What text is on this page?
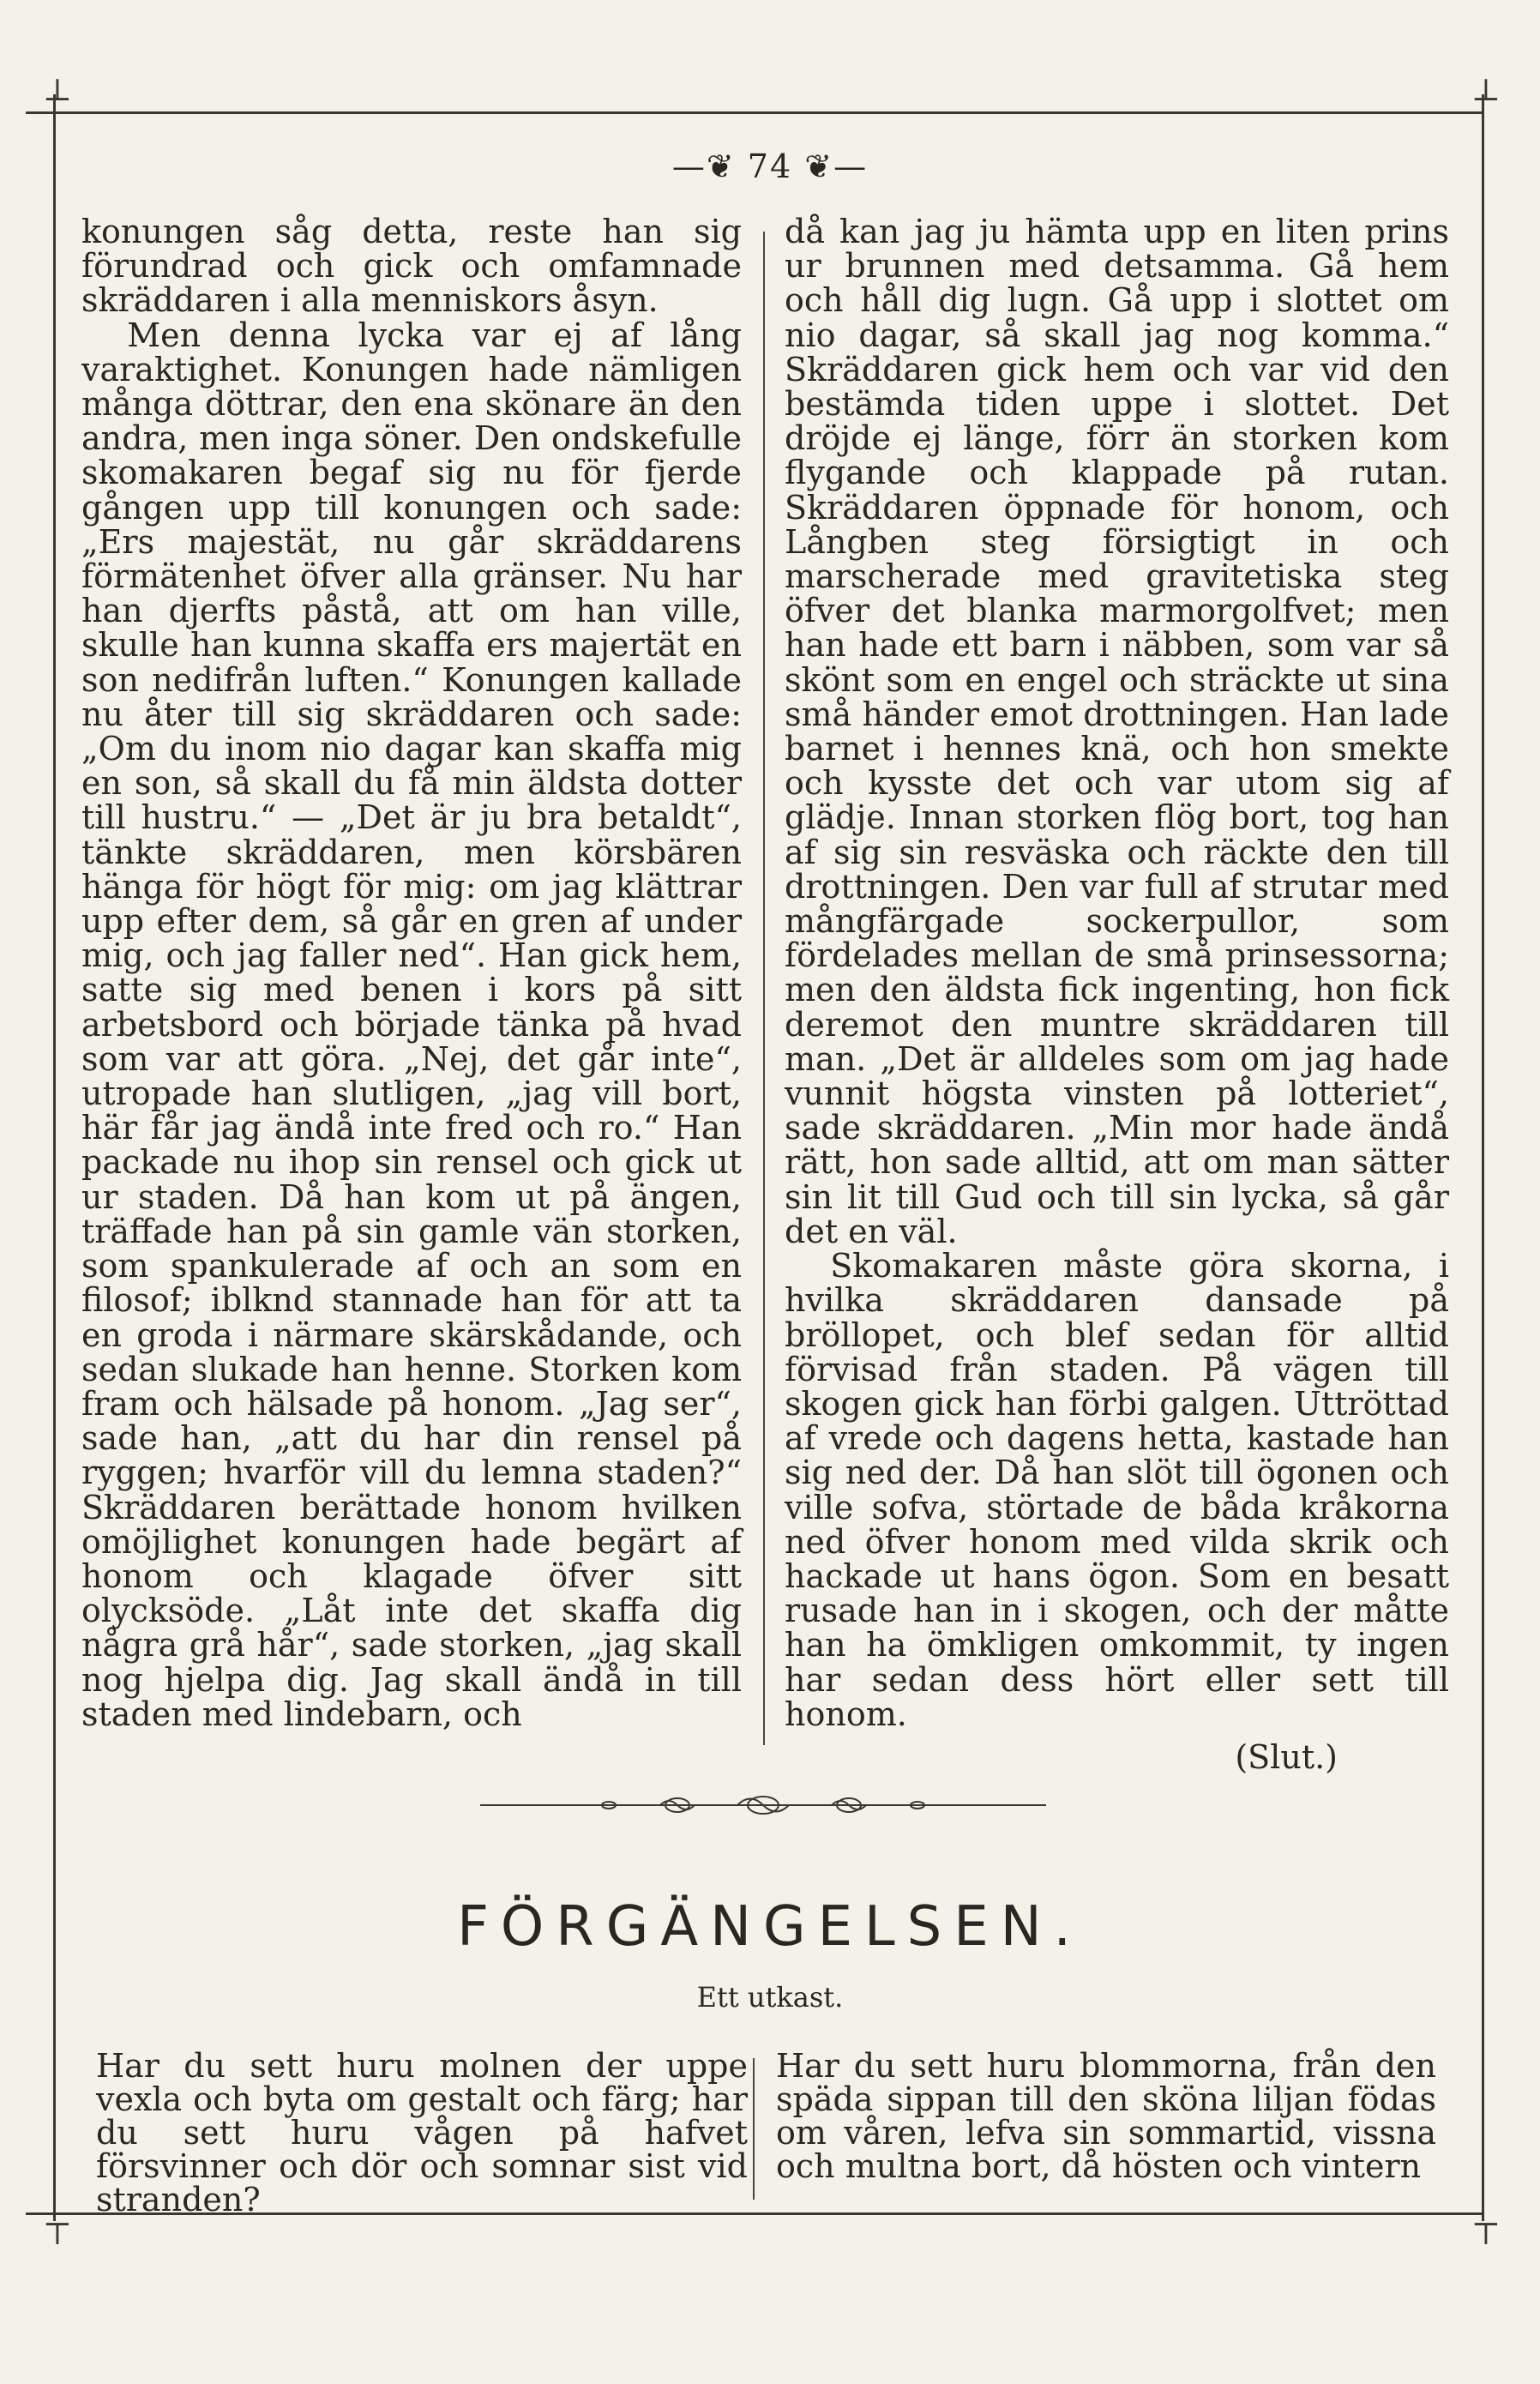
⊥	⊥
⊤	⊤
—❦ 74 ❦—

konungen såg detta, reste han sig förundrad och gick och omfamnade skräddaren i alla menniskors åsyn.

Men denna lycka var ej af lång varaktighet. Konungen hade nämligen många döttrar, den ena skönare än den andra, men inga söner. Den ondskefulle skomakaren begaf sig nu för fjerde gången upp till konungen och sade: „Ers majestät, nu går skräddarens förmätenhet öfver alla gränser. Nu har han djerfts påstå, att om han ville, skulle han kunna skaffa ers majertät en son nedifrån luften.“ Konungen kallade nu åter till sig skräddaren och sade: „Om du inom nio dagar kan skaffa mig en son, så skall du få min äldsta dotter till hustru.“ — „Det är ju bra betaldt“, tänkte skräddaren, men körsbären hänga för högt för mig: om jag klättrar upp efter dem, så går en gren af under mig, och jag faller ned“. Han gick hem, satte sig med benen i kors på sitt arbetsbord och började tänka på hvad som var att göra. „Nej, det går inte“, utropade han slutligen, „jag vill bort, här får jag ändå inte fred och ro.“ Han packade nu ihop sin rensel och gick ut ur staden. Då han kom ut på ängen, träffade han på sin gamle vän storken, som spankulerade af och an som en filosof; iblknd stannade han för att ta en groda i närmare skärskådande, och sedan slukade han henne. Storken kom fram och hälsade på honom. „Jag ser“, sade han, „att du har din rensel på ryggen; hvarför vill du lemna staden?“ Skräddaren berättade honom hvilken omöjlighet konungen hade begärt af honom och klagade öfver sitt olycksöde. „Låt inte det skaffa dig några grå hår“, sade storken, „jag skall nog hjelpa dig. Jag skall ändå in till staden med lindebarn, och

då kan jag ju hämta upp en liten prins ur brunnen med detsamma. Gå hem och håll dig lugn. Gå upp i slottet om nio dagar, så skall jag nog komma.“ Skräddaren gick hem och var vid den bestämda tiden uppe i slottet. Det dröjde ej länge, förr än storken kom flygande och klappade på rutan. Skräddaren öppnade för honom, och Långben steg försigtigt in och marscherade med gravitetiska steg öfver det blanka marmorgolfvet; men han hade ett barn i näbben, som var så skönt som en engel och sträckte ut sina små händer emot drottningen. Han lade barnet i hennes knä, och hon smekte och kysste det och var utom sig af glädje. Innan storken flög bort, tog han af sig sin resväska och räckte den till drottningen. Den var full af strutar med mångfärgade sockerpullor, som fördelades mellan de små prinsessorna; men den äldsta fick ingenting, hon fick deremot den muntre skräddaren till man. „Det är alldeles som om jag hade vunnit högsta vinsten på lotteriet“, sade skräddaren. „Min mor hade ändå rätt, hon sade alltid, att om man sätter sin lit till Gud och till sin lycka, så går det en väl.

Skomakaren måste göra skorna, i hvilka skräddaren dansade på bröllopet, och blef sedan för alltid förvisad från staden. På vägen till skogen gick han förbi galgen. Uttröttad af vrede och dagens hetta, kastade han sig ned der. Då han slöt till ögonen och ville sofva, störtade de båda kråkorna ned öfver honom med vilda skrik och hackade ut hans ögon. Som en besatt rusade han in i skogen, och der måtte han ha ömkligen omkommit, ty ingen har sedan dess hört eller sett till honom.

(Slut.)

FÖRGÄNGELSEN.
Ett utkast.
Har du sett huru molnen der uppe vexla och byta om gestalt och färg; har du sett huru vågen på hafvet försvinner och dör och somnar sist vid stranden?
Har du sett huru blommorna, från den späda sippan till den sköna liljan födas om våren, lefva sin sommartid, vissna och multna bort, då hösten och vintern
